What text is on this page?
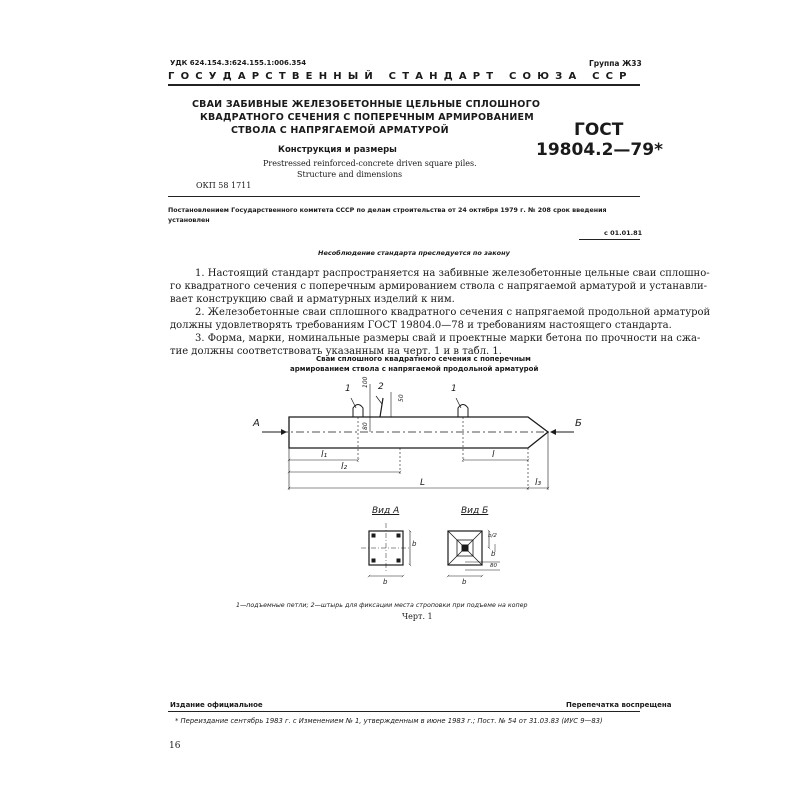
УДК 624.154.3:624.155.1:006.354	Группа Ж33
ГОСУДАРСТВЕННЫЙ СТАНДАРТ СОЮЗА ССР
СВАИ ЗАБИВНЫЕ ЖЕЛЕЗОБЕТОННЫЕ ЦЕЛЬНЫЕ СПЛОШНОГО
КВАДРАТНОГО СЕЧЕНИЯ С ПОПЕРЕЧНЫМ АРМИРОВАНИЕМ
СТВОЛА С НАПРЯГАЕМОЙ АРМАТУРОЙ
Конструкция и размеры
Prestressed reinforced-concrete driven square piles.
Structure and dimensions
ОКП 58 1711
ГОСТ
19804.2—79*
Постановлением Государственного комитета СССР по делам строительства от 24 октября 1979 г. № 208 срок введения
установлен
с 01.01.81
Несоблюдение стандарта преследуется по закону
1. Настоящий стандарт распространяется на забивные железобетонные цельные сваи сплошно-
го квадратного сечения с поперечным армированием ствола с напрягаемой арматурой и устанавли-
вает конструкцию свай и арматурных изделий к ним.
2. Железобетонные сваи сплошного квадратного сечения с напрягаемой продольной арматурой
должны удовлетворять требованиям ГОСТ 19804.0—78 и требованиям настоящего стандарта.
3. Форма, марки, номинальные размеры свай и проектные марки бетона по прочности на сжа-
тие должны соответствовать указанным на черт. 1 и в табл. 1.
Сваи сплошного квадратного сечения с поперечным
армированием ствола с напрягаемой продольной арматурой
А	Б
1	2	1
100
80
50
l₁	l
l₂
L	l₃
Вид А	Вид Б
b
b
b
b
b/2
80
1—подъемные петли; 2—штырь для фиксации места строповки при подъеме на копер
Черт. 1
Издание официальное	Перепечатка воспрещена
* Переиздание сентябрь 1983 г. с Изменением № 1, утвержденным в июне 1983 г.; Пост. № 54 от 31.03.83 (ИУС 9—83)
16
